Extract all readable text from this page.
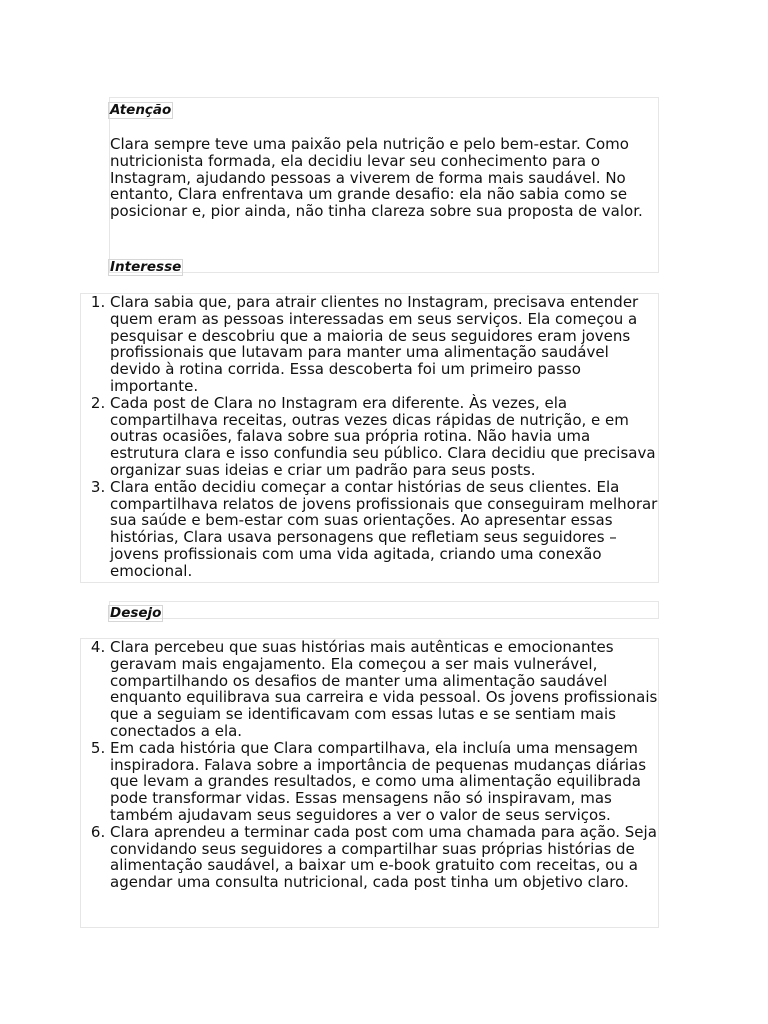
Atenção

Clara sempre teve uma paixão pela nutrição e pelo bem-estar. Como nutricionista formada, ela decidiu levar seu conhecimento para o Instagram, ajudando pessoas a viverem de forma mais saudável. No entanto, Clara enfrentava um grande desafio: ela não sabia como se posicionar e, pior ainda, não tinha clareza sobre sua proposta de valor.

Interesse
1. Clara sabia que, para atrair clientes no Instagram, precisava entender quem eram as pessoas interessadas em seus serviços. Ela começou a pesquisar e descobriu que a maioria de seus seguidores eram jovens profissionais que lutavam para manter uma alimentação saudável devido à rotina corrida. Essa descoberta foi um primeiro passo importante.
2. Cada post de Clara no Instagram era diferente. Às vezes, ela compartilhava receitas, outras vezes dicas rápidas de nutrição, e em outras ocasiões, falava sobre sua própria rotina. Não havia uma estrutura clara e isso confundia seu público. Clara decidiu que precisava organizar suas ideias e criar um padrão para seus posts.
3. Clara então decidiu começar a contar histórias de seus clientes. Ela compartilhava relatos de jovens profissionais que conseguiram melhorar sua saúde e bem-estar com suas orientações. Ao apresentar essas histórias, Clara usava personagens que refletiam seus seguidores – jovens profissionais com uma vida agitada, criando uma conexão emocional.
Desejo
4. Clara percebeu que suas histórias mais autênticas e emocionantes geravam mais engajamento. Ela começou a ser mais vulnerável, compartilhando os desafios de manter uma alimentação saudável enquanto equilibrava sua carreira e vida pessoal. Os jovens profissionais que a seguiam se identificavam com essas lutas e se sentiam mais conectados a ela.
5. Em cada história que Clara compartilhava, ela incluía uma mensagem inspiradora. Falava sobre a importância de pequenas mudanças diárias que levam a grandes resultados, e como uma alimentação equilibrada pode transformar vidas. Essas mensagens não só inspiravam, mas também ajudavam seus seguidores a ver o valor de seus serviços.
6. Clara aprendeu a terminar cada post com uma chamada para ação. Seja convidando seus seguidores a compartilhar suas próprias histórias de alimentação saudável, a baixar um e-book gratuito com receitas, ou a agendar uma consulta nutricional, cada post tinha um objetivo claro.
